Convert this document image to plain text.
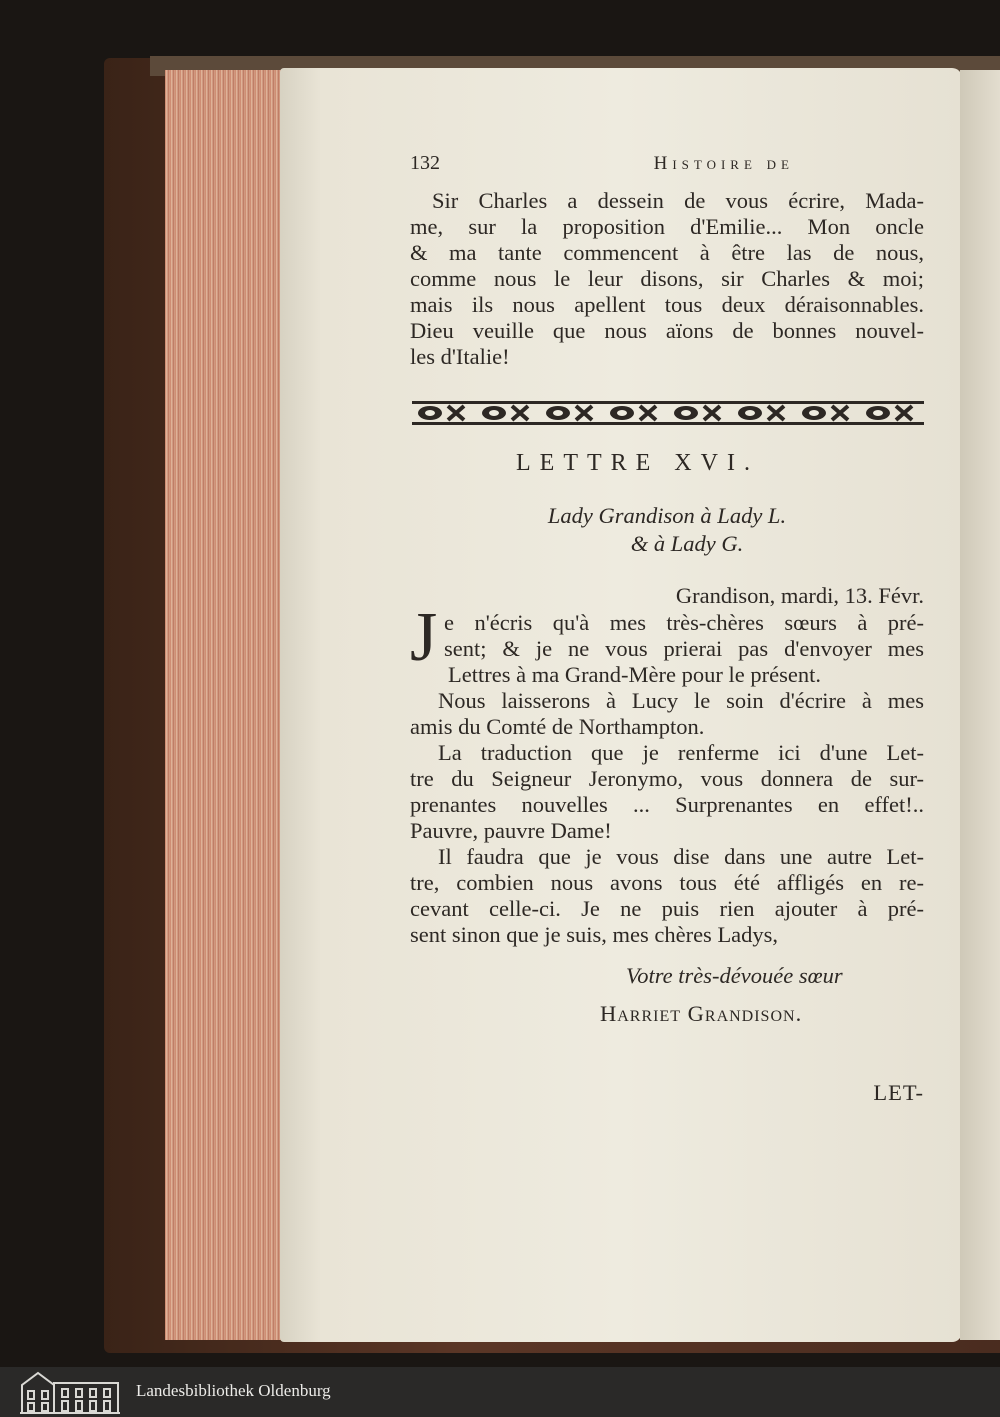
132	Histoire de
Sir Charles a dessein de vous écrire, Mada-
me, sur la proposition d'Emilie... Mon oncle
& ma tante commencent à être las de nous,
comme nous le leur disons, sir Charles & moi;
mais ils nous apellent tous deux déraisonnables.
Dieu veuille que nous aïons de bonnes nouvel-
les d'Italie!
LETTRE XVI.
Lady Grandison à Lady L.
& à Lady G.
Grandison, mardi, 13. Févr.
J e n'écris qu'à mes très-chères sœurs à pré-
sent; & je ne vous prierai pas d'envoyer mes
Lettres à ma Grand-Mère pour le présent.
Nous laisserons à Lucy le soin d'écrire à mes
amis du Comté de Northampton.
La traduction que je renferme ici d'une Let-
tre du Seigneur Jeronymo, vous donnera de sur-
prenantes nouvelles ... Surprenantes en effet!..
Pauvre, pauvre Dame!
Il faudra que je vous dise dans une autre Let-
tre, combien nous avons tous été affligés en re-
cevant celle-ci. Je ne puis rien ajouter à pré-
sent sinon que je suis, mes chères Ladys,
Votre très-dévouée sœur
Harriet Grandison.
LET-
Landesbibliothek Oldenburg
